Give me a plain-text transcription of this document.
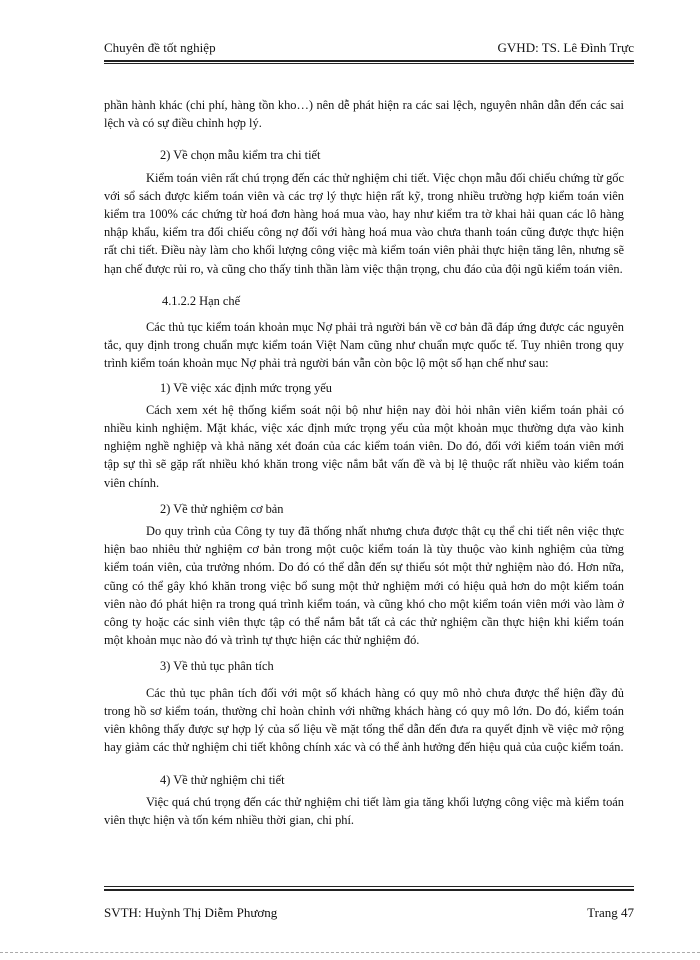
Chuyên đề tốt nghiệp	GVHD: TS. Lê Đình Trực

phần hành khác (chi phí, hàng tồn kho…) nên dễ phát hiện ra các sai lệch, nguyên nhân dẫn đến các sai lệch và có sự điều chỉnh hợp lý.

2) Về chọn mẫu kiểm tra chi tiết

Kiểm toán viên rất chú trọng đến các thử nghiệm chi tiết. Việc chọn mẫu đối chiếu chứng từ gốc với sổ sách được kiểm toán viên và các trợ lý thực hiện rất kỹ, trong nhiều trường hợp kiểm toán viên kiểm tra 100% các chứng từ hoá đơn hàng hoá mua vào, hay như kiểm tra tờ khai hải quan các lô hàng nhập khẩu, kiểm tra đối chiếu công nợ đối với hàng hoá mua vào chưa thanh toán cũng được thực hiện rất chi tiết. Điều này làm cho khối lượng công việc mà kiểm toán viên phải thực hiện tăng lên, nhưng sẽ hạn chế được rủi ro, và cũng cho thấy tinh thần làm việc thận trọng, chu đáo của đội ngũ kiểm toán viên.

4.1.2.2 Hạn chế

Các thủ tục kiểm toán khoản mục Nợ phải trả người bán về cơ bản đã đáp ứng được các nguyên tắc, quy định trong chuẩn mực kiểm toán Việt Nam cũng như chuẩn mực quốc tế. Tuy nhiên trong quy trình kiểm toán khoản mục Nợ phải trả người bán vẫn còn bộc lộ một số hạn chế như sau:

1) Về việc xác định mức trọng yếu

Cách xem xét hệ thống kiểm soát nội bộ như hiện nay đòi hỏi nhân viên kiểm toán phải có nhiều kinh nghiệm. Mặt khác, việc xác định mức trọng yếu của một khoản mục thường dựa vào kinh nghiệm nghề nghiệp và khả năng xét đoán của các kiểm toán viên. Do đó, đối với kiểm toán viên mới tập sự thì sẽ gặp rất nhiều khó khăn trong việc nắm bắt vấn đề và bị lệ thuộc rất nhiều vào kiểm toán viên chính.

2) Về thử nghiệm cơ bản

Do quy trình của Công ty tuy đã thống nhất nhưng chưa được thật cụ thể chi tiết nên việc thực hiện bao nhiêu thử nghiệm cơ bản trong một cuộc kiểm toán là tùy thuộc vào kinh nghiệm của từng kiểm toán viên, của trưởng nhóm. Do đó có thể dẫn đến sự thiếu sót một thử nghiệm nào đó. Hơn nữa, cũng có thể gây khó khăn trong việc bổ sung một thử nghiệm mới có hiệu quả hơn do một kiểm toán viên nào đó phát hiện ra trong quá trình kiểm toán, và cũng khó cho một kiểm toán viên mới vào làm ở công ty hoặc các sinh viên thực tập có thể nắm bắt tất cả các thử nghiệm cần thực hiện khi kiểm toán một khoản mục nào đó và trình tự thực hiện các thử nghiệm đó.

3) Về thủ tục phân tích

Các thủ tục phân tích đối với một số khách hàng có quy mô nhỏ chưa được thể hiện đầy đủ trong hồ sơ kiểm toán, thường chỉ hoàn chỉnh với những khách hàng có quy mô lớn. Do đó, kiểm toán viên không thấy được sự hợp lý của số liệu về mặt tổng thể dẫn đến đưa ra quyết định về việc mở rộng hay giảm các thử nghiệm chi tiết không chính xác và có thể ảnh hưởng đến hiệu quả của cuộc kiểm toán.

4) Về thử nghiệm chi tiết

Việc quá chú trọng đến các thử nghiệm chi tiết làm gia tăng khối lượng công việc mà kiểm toán viên thực hiện và tốn kém nhiều thời gian, chi phí.

SVTH: Huỳnh Thị Diễm Phương	Trang 47
